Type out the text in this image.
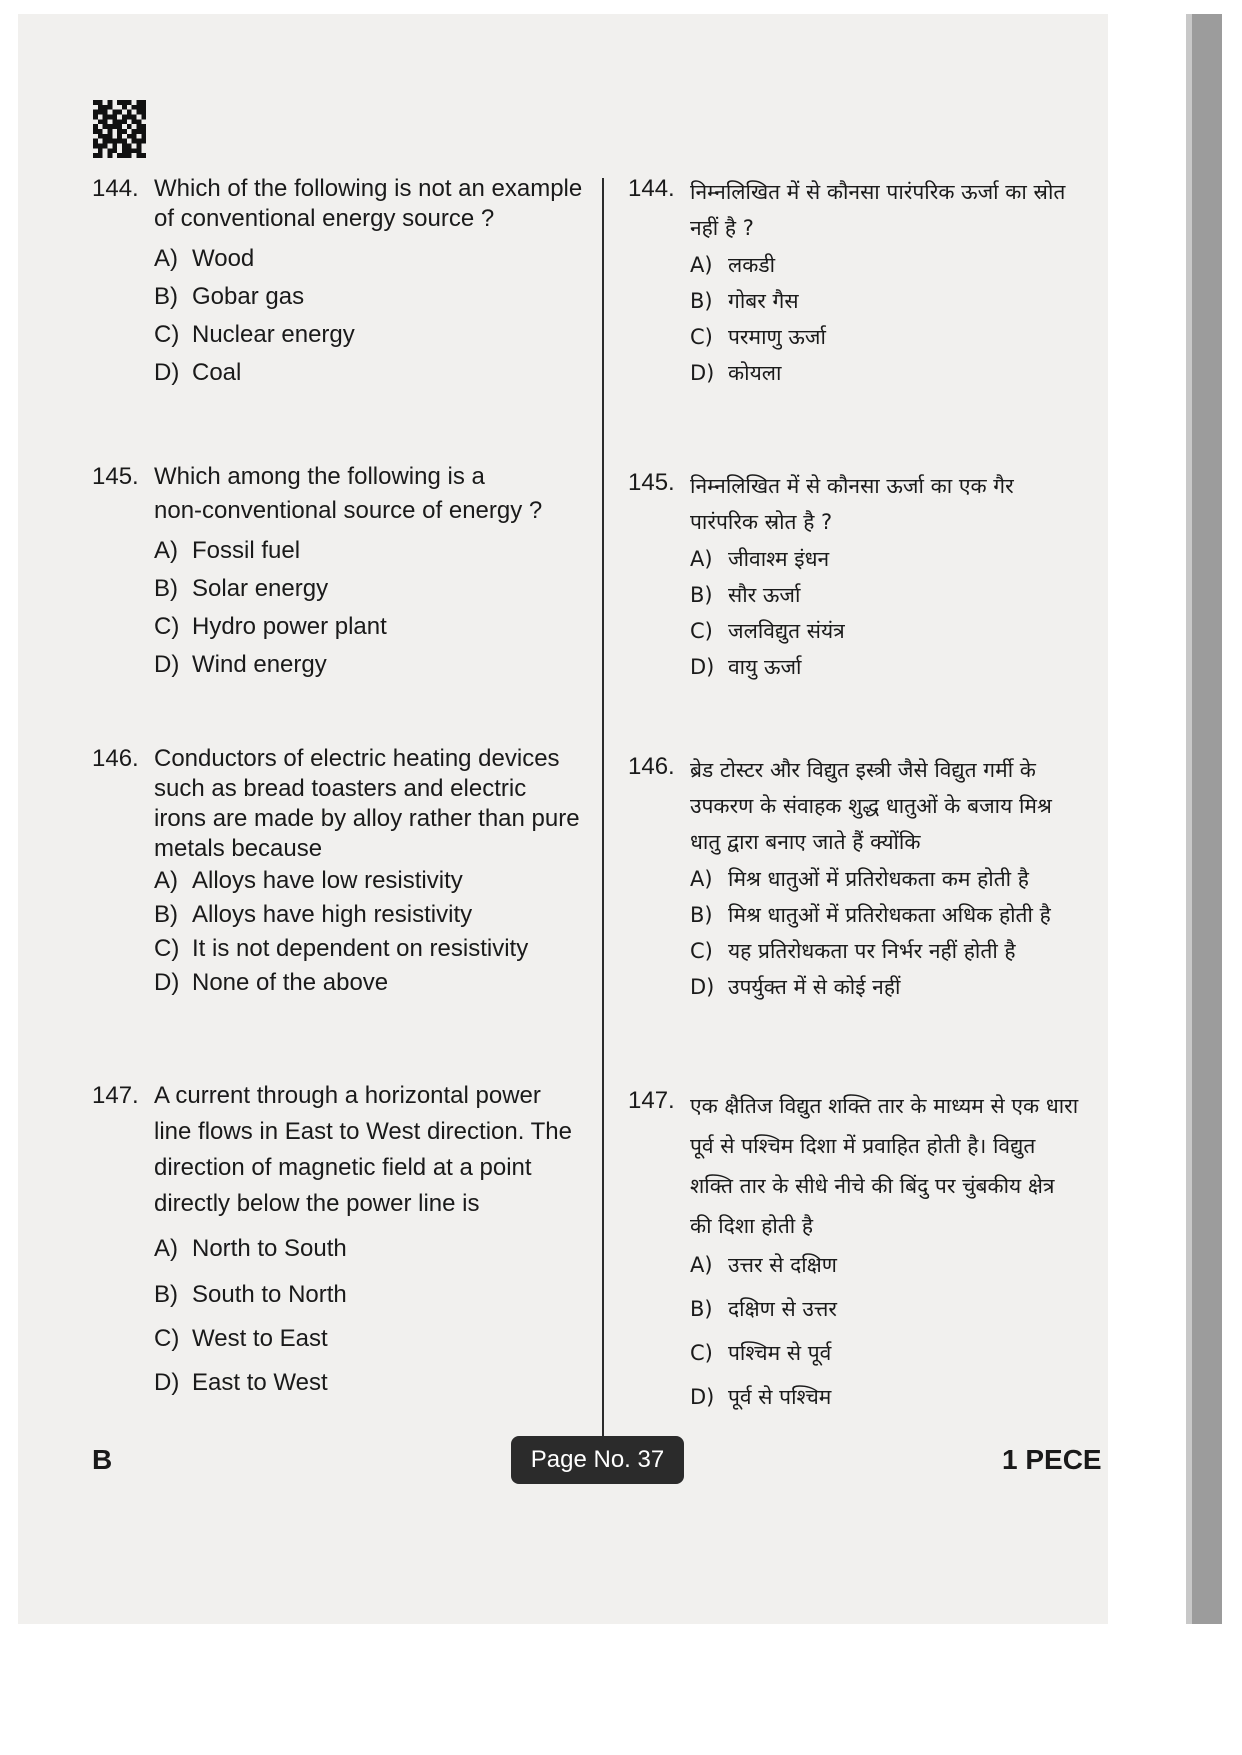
144. Which of the following is not an example
of conventional energy source ?
A) Wood
B) Gobar gas
C) Nuclear energy
D) Coal
145. Which among the following is a
non-conventional source of energy ?
A) Fossil fuel
B) Solar energy
C) Hydro power plant
D) Wind energy
146. Conductors of electric heating devices
such as bread toasters and electric
irons are made by alloy rather than pure
metals because
A) Alloys have low resistivity
B) Alloys have high resistivity
C) It is not dependent on resistivity
D) None of the above
147. A current through a horizontal power
line flows in East to West direction. The
direction of magnetic field at a point
directly below the power line is
A) North to South
B) South to North
C) West to East
D) East to West
144. निम्नलिखित में से कौनसा पारंपरिक ऊर्जा का स्रोत
नहीं है ?
A) लकडी
B) गोबर गैस
C) परमाणु ऊर्जा
D) कोयला
145. निम्नलिखित में से कौनसा ऊर्जा का एक गैर
पारंपरिक स्रोत है ?
A) जीवाश्म इंधन
B) सौर ऊर्जा
C) जलविद्युत संयंत्र
D) वायु ऊर्जा
146. ब्रेड टोस्टर और विद्युत इस्त्री जैसे विद्युत गर्मी के
उपकरण के संवाहक शुद्ध धातुओं के बजाय मिश्र
धातु द्वारा बनाए जाते हैं क्योंकि
A) मिश्र धातुओं में प्रतिरोधकता कम होती है
B) मिश्र धातुओं में प्रतिरोधकता अधिक होती है
C) यह प्रतिरोधकता पर निर्भर नहीं होती है
D) उपर्युक्त में से कोई नहीं
147. एक क्षैतिज विद्युत शक्ति तार के माध्यम से एक धारा
पूर्व से पश्चिम दिशा में प्रवाहित होती है। विद्युत
शक्ति तार के सीधे नीचे की बिंदु पर चुंबकीय क्षेत्र
की दिशा होती है
A) उत्तर से दक्षिण
B) दक्षिण से उत्तर
C) पश्चिम से पूर्व
D) पूर्व से पश्चिम
B	Page No. 37	1 PECE
